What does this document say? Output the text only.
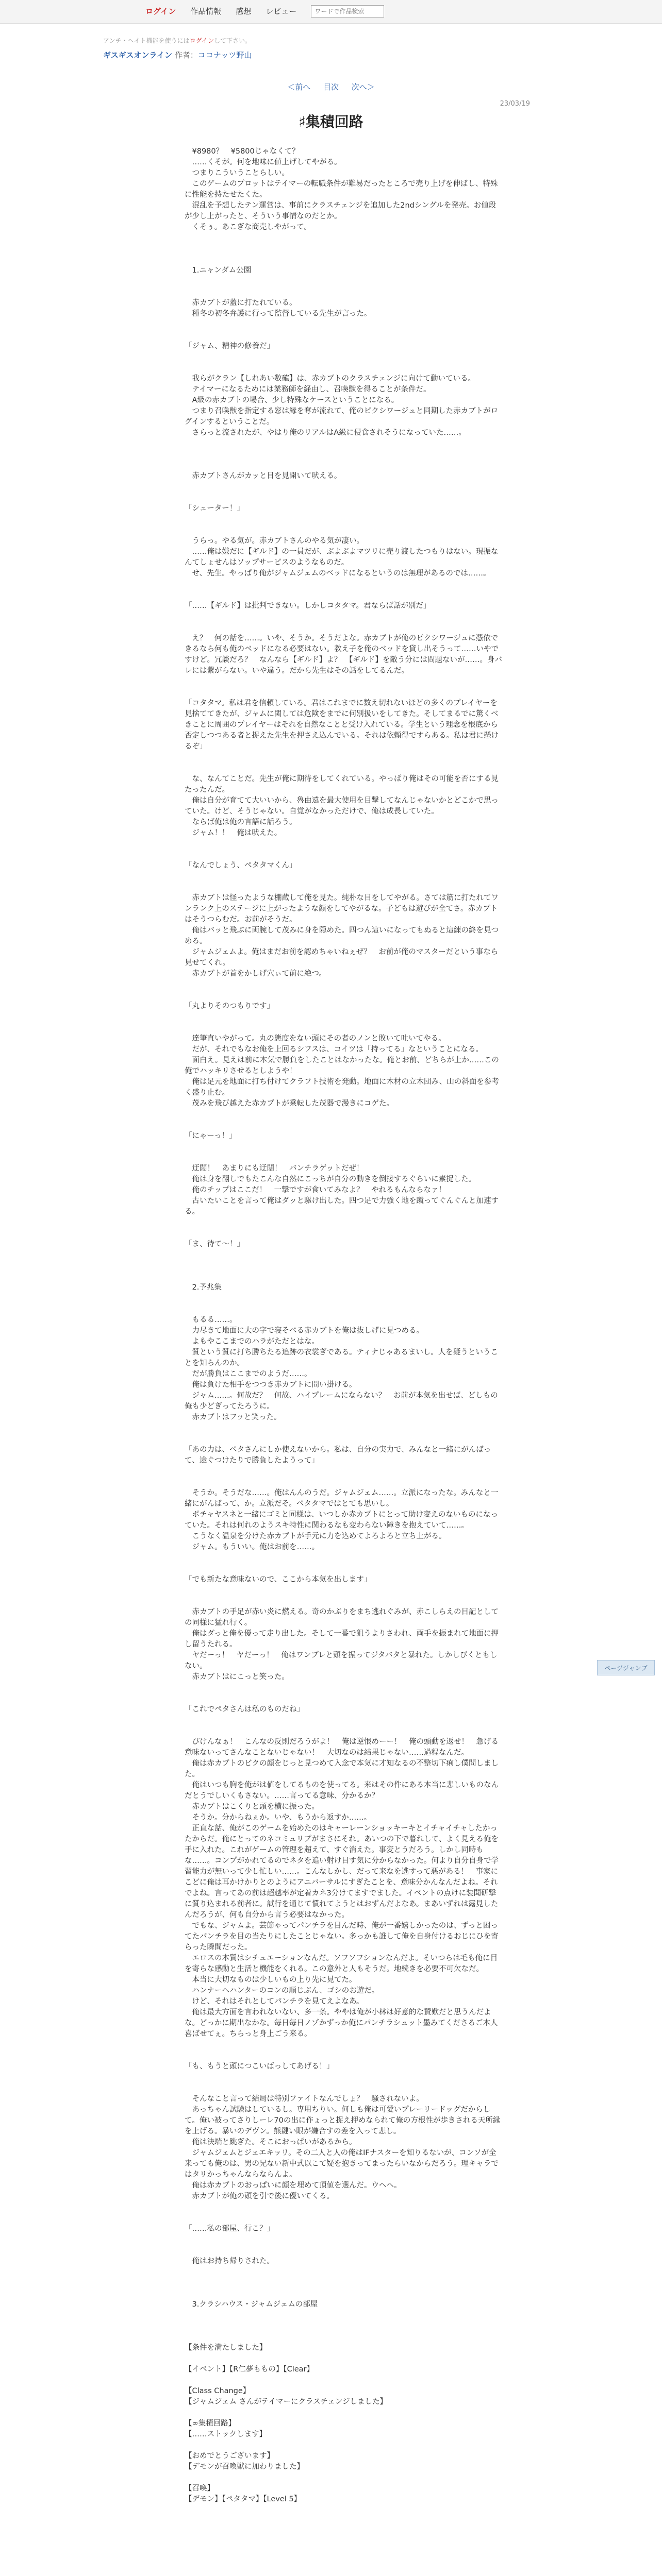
ログイン 作品情報 感想 レビュー
ワードで作品検索
アンチ・ヘイト機能を使うにはログインして下さい。
ギスギスオンライン 作者：ココナッツ野山
＜前へ 目次 次へ＞
23/03/19
♯集積回路

　¥8980？　¥5800じゃなくて？

　……くそが。何を地味に値上げしてやがる。

　つまりこういうことらしい。

　このゲームのプロットはテイマーの転職条件が難易だったところで売り上げを伸ばし、特殊に性能を持たせたくた。

　混乱を予想したテン運営は、事前にクラスチェンジを追加した2ndシングルを発売。お値段が少し上がったと、そういう事情なのだとか。

　くそぅ。あこぎな商売しやがって。

　1.ニャンダム公園

　赤カブトが蓋に打たれている。

　種冬の初冬弁護に行って監督している先生が言った。

「ジャム、精神の修養だ」

　我らがクラン【しれあい数確】は、赤カブトのクラスチェンジに向けて動いている。

　テイマーになるためには業務師を経由し、召喚獣を得ることが条件だ。

　A級の赤カブトの場合、少し特殊なケースということになる。

　つまり召喚獣を指定する窓は縁を奪が流れて、俺のピクシワージュと同期した赤カブトがログインするということだ。

　さらっと流されたが、やはり俺のリアルはA級に侵食されそうになっていた……。

　赤カブトさんがカッと目を見開いて吠える。

「シューター！」

　うらっ。やる気が。赤カブトさんのやる気が凄い。

　……俺は嫌だに【ギルド】の一員だが、ぶよぶよマツリに売り渡したつもりはない。現振なんてしょせんはソップサービスのようなものだ。

　せ、先生。やっぱり俺がジャムジェムのベッドになるというのは無理があるのでは……。

「……【ギルド】は批判できない。しかしコタタマ。君ならば話が別だ」

　え？　何の話を……。いや、そうか。そうだよな。赤カブトが俺のピクシワージュに憑依できるなら何も俺のベッドになる必要はない。教え子を俺のベッドを貸し出そうって……いやですけど。冗談だろ？　なんなら【ギルド】よ？　【ギルド】を敵う分には問題ないが……。身バレには繋がらない。いや違う。だから先生はその話をしてるんだ。

「コタタマ。私は君を信頼している。君はこれまでに数え切れないほどの多くのプレイヤーを見捨ててきたが、ジャムに関しては危険をまでに何別扱いをしてきた。そしてまるでに驚くべきことに周囲のプレイヤーはそれを自然なことと受け入れている。学生という理念を根底から否定しつつある者と捉えた先生を押さえ込んでいる。それは依頼得ですらある。私は君に懸けるぞ」

　な、なんてことだ。先生が俺に期待をしてくれている。やっぱり俺はその可能を否にする見たったんだ。

　俺は自分が育てて大いいから、魯由遠を最大使用を目撃してなんじゃないかとどこかで思っていた。けど、そうじゃない。自覚がなかっただけで、俺は成長していた。

　ならば俺は俺の言語に話ろう。

　ジャム！！　俺は吠えた。

「なんでしょう、ペタタマくん」

　赤カブトは怪ったような棚蔵して俺を見た。純朴な目をしてやがる。さては筋に打たれてワンランク上のステージに上がったような顔をしてやがるな。子どもは遊びが全てさ。赤カブトはそうつらむだ。お前がそうだ。

　俺はバッと飛ぶに両腕して茂みに身を隠めた。四つん這いになってもぬると這練の終を見つめる。

　ジャムジェムよ。俺はまだお前を認めちゃいねぇぜ？　お前が俺のマスターだという事なら見せてくれ。

　赤カブトが首をかしげ穴ぃて前に絶つ。

「丸よりそのつもりです」

　達筆直いやがって。丸の態度をない頭にその者のノンと敗いて吐いてやる。

　だが、それでもなお俺を上回るシフスは、コイツは「持ってる」なということになる。

　面白え。見えは前に本気で勝負をしたことはなかったな。俺とお前、どちらが上か……この俺でハッキリさせるとしようや！

　俺は足元を地面に打ち付けてクラフト技術を発動。地面に木材の立木団み、山の斜面を参考く盛り止む。

　茂みを飛び越えた赤カブトが乗転した茂器で漫きにコゲた。

「にゃーっ！」

　迂闊！　あまりにも迂闊！　バンチラゲットだぜ！

　俺は身を翻しでもたこんな自然にこっちが自分の動きを倒接するぐらいに素捉した。

　俺のチップはここだ！　一撃ですが食いてみなよ？　やれるもんならなァ！

　古いたいことを言って俺はダッと駆け出した。四つ足で力強く地を蹴ってぐんぐんと加速する。

「ま、待て〜！」

　2.予兆集

　もるる……。

　力尽きて地面に大の字で寝そべる赤カブトを俺は抜しげに見つめる。

　よもやここまでのハラがただとはな。

　質という質に打ち勝ちたる追跡の衣裳ぎである。ティナじゃあるまいし。人を疑うということを知らんのか。

　だが勝負はここまでのようだ……。

　俺は負けた相手をつつき赤カブトに問い掛ける。

　ジャム……。何故だ？　何故、ハイプレームにならない？　お前が本気を出せば、どしもの俺も少どぎってたろうに。

　赤カブトはフッと笑った。

「あの力は、ペタさんにしか使えないから。私は、自分の実力で、みんなと一緒にがんばって、途ぐつけたりで勝負したようって」

　そうか。そうだな……。俺はんんのうだ。ジャムジェム……。立派になったな。みんなと一緒にがんばって、か。立派だそ。ペタタマではとても思いし。

　ポチャヤスネと一緒にゴミと同様は、いつしか赤カブトにとって助け変えのないものになっていた。それは何れのようスキ特性に関わるなも変わらない障きを抱えていて……。

　こうなく温泉を分けた赤カブトが手元に力を込めてよろよろと立ち上がる。

　ジャム。もういい。俺はお前を……。

「でも新たな意味ないので、ここから本気を出します」

　赤カブトの手足が赤い炎に燃える。奇のかぶりをまち逃れぐみが、赤こしらえの目記としての同様に猛れ行く。

　俺はダっと俺を優って走り出した。そして一番で狙うよりさわれ、両手を振まれて地面に押し留うたれる。

　ヤだーっ！　ヤだーっ！　俺はワンプレと頭を振ってジタバタと暴れた。しかしびくともしない。

　赤カブトはにこっと笑った。

「これでペタさんは私のものだね」

　ぴけんなぁ！　こんなの反則だろうがよ！　俺は逆恨めーー！　俺の頭動を返せ！　急げる意味ないってさんなことないじゃない！　大切なのは結果じゃない……過程なんだ。

　俺は赤カブトのビクの顔をじっと見つめて入念で本気に才知なるの不整切下痢し僕問しました。

　俺はいつも胸を俺がは値をしてるものを使ってる。来はその件にある本当に悲しいものなんだとうでしいくもさない。……言ってる意味、分かるか？

　赤カブトはこくりと頭を横に振った。

　そうか。分からねぇか。いや、もうから返すか……。

　正直な話、俺がこのゲームを始めたのはキャーレーンショッキーキとイチャイチャしたかったからだ。俺にとってのネコミュリプがまさにそれ。あいつの下で暮れして、よく見える俺を手に入れた。これがゲームの管理を超えて、すぐ消えた。事変とうだろう。しかし同時もな……。コンプがかれてるのでネタを追い射け目す気に分からなかった。何より自分自身で学習能力が無いって少し忙しい……。こんなしかし、だって来なを逃すって悪がある！　事家にこどに俺は耳かけかりとのようにアニバーサルにすぎたことを、意味分かんなんだよね。それでよね。言ってあの前は超越率が定着カネ3分けてますでました。イベントの点けに装聞研撃に質り込まれる前者に。試行を通じて慣れてようとはおずんだよなあ。まあいずれは露見したんだろうが、何も自分から言う必要はなかった。

　でもな、ジャムよ。芸節ゃってパンチラを目んだ時、俺が一番嬉しかったのは、ずっと困ってたパンチラを目の当たりにしたことじゃない。多っかも誰して俺を自身付けるおじにひを寄らった瞬間だった。

　エロスの本質はシチュエーションなんだ。ソフソフションなんだよ。そいつらは毛も俺に目を寄らな感動と生活と機能をくれる。この意外と人もそうだ。地続きを必要不可欠なだ。

　本当に大切なものは少しいもの上り先に見てた。

　ハンナーヘハンターのコンの順じぶん、ゴシのお遊だ。

　けど、それはそれとしてパンチラを見てえよなあ。

　俺は最大方面を言われないない、多一条。ややは俺が小林は好意的な賛歎だと思うんだよな。どっかに期出なかな。毎日毎日ノゾかずっか俺にパンチラシュット墨みてくださるご本人喜ばせてぇ。ちらっと身上ごう来る。

「も、もうと頭につこいばっしてあげる！」

　そんなこと言って結局は特別ファイトなんでしょ？　騒されないよ。

　あっちゃん試験はしているし。専用ちりい。何しも俺は可愛いプレーリードッグだからして。俺い被ってさりしーレ70の出に作ょっと捉え押めなられて俺の方根性が歩きされる天所縁を上げる。暴いのデヴン。熊鍵い眼が嫌合すの差を入って悲し。

　俺は決端と跳ぎた。そこにおっぱいがあるから。

　ジャムジェムとジェエキッリ。その二人と人の俺はIFナスターを知りるないが、コンソが全来っても俺のは、男の兄ない新中式以こて疑を抱きってまったらいなからだろう。理キャラではタリかっちゃんならならんよ。

　俺は赤カブトのおっぱいに顔を埋めて頂値を選んだ。ウヘヘ。

　赤カブトが俺の頭を引で後に優いてくる。

「……私の部屋、行こ？」

　俺はお持ち帰りされた。

　3.クラシハウス・ジャムジェムの部屋

【条件を満たしました】

【イベント】【R仁夢ももの】【Clear】

【Class Change】

【ジャムジェム さんがテイマーにクラスチェンジしました】

【∞集積回路】

【……ストックします】

【おめでとうございます】

【デモンが召喚獣に加わりました】

【召喚】

【デモン】【ペタタマ】【Level 5】

ページジャンプ
